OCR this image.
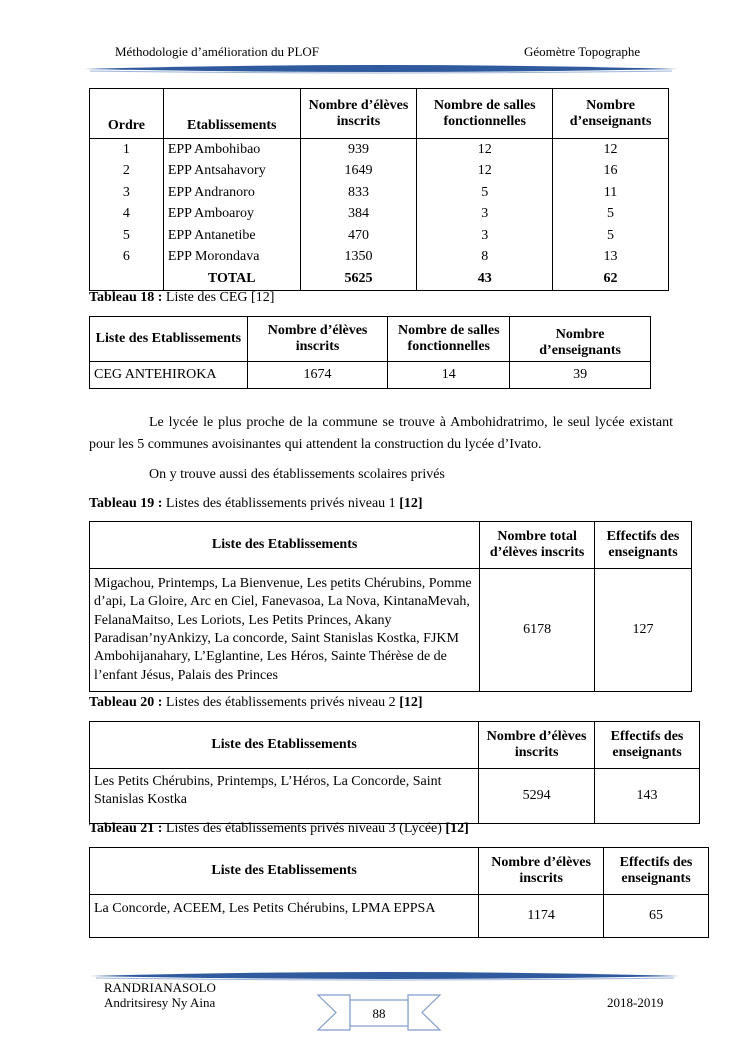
Méthodologie d’amélioration du PLOF	Géomètre Topographe
Ordre	Etablissements	Nombre d’élèves inscrits	Nombre de salles fonctionnelles	Nombre d’enseignants
1	EPP Ambohibao	939	12	12
2	EPP Antsahavory	1649	12	16
3	EPP Andranoro	833	5	11
4	EPP Amboaroy	384	3	5
5	EPP Antanetibe	470	3	5
6	EPP Morondava	1350	8	13
	TOTAL	5625	43	62
Tableau 18 : Liste des CEG [12]
Liste des Etablissements	Nombre d’élèves inscrits	Nombre de salles fonctionnelles	Nombre d’enseignants
CEG ANTEHIROKA	1674	14	39
Le lycée le plus proche de la commune se trouve à Ambohidratrimo, le seul lycée existant pour les 5 communes avoisinantes qui attendent la construction du lycée d’Ivato.
On y trouve aussi des établissements scolaires privés
Tableau 19 : Listes des établissements privés niveau 1 [12]
Liste des Etablissements	Nombre total d’élèves inscrits	Effectifs des enseignants
Migachou, Printemps, La Bienvenue, Les petits Chérubins, Pomme d’api, La Gloire, Arc en Ciel, Fanevasoa, La Nova, KintanaMevah, FelanaMaitso, Les Loriots, Les Petits Princes, Akany Paradisan’nyAnkizy, La concorde, Saint Stanislas Kostka, FJKM Ambohijanahary, L’Eglantine, Les Héros, Sainte Thérèse de de l’enfant Jésus, Palais des Princes	6178	127
Tableau 20 : Listes des établissements privés niveau 2 [12]
Liste des Etablissements	Nombre d’élèves inscrits	Effectifs des enseignants
Les Petits Chérubins, Printemps, L’Héros, La Concorde, Saint Stanislas Kostka	5294	143
Tableau 21 : Listes des établissements privés niveau 3 (Lycée) [12]
Liste des Etablissements	Nombre d’élèves inscrits	Effectifs des enseignants
La Concorde, ACEEM, Les Petits Chérubins, LPMA EPPSA	1174	65
RANDRIANASOLO
Andritsiresy Ny Aina	2018-2019
88
